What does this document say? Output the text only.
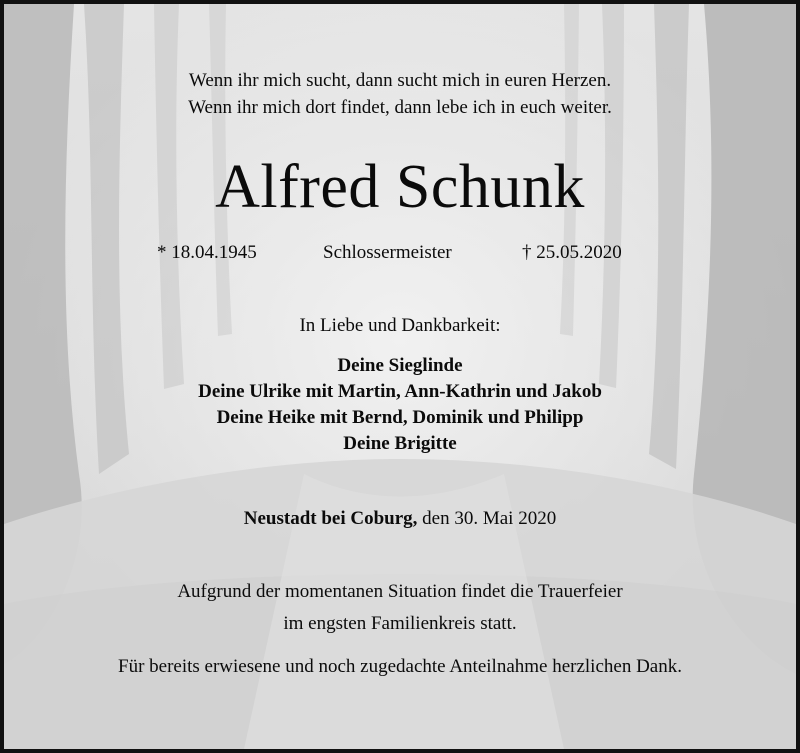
Wenn ihr mich sucht, dann sucht mich in euren Herzen.
Wenn ihr mich dort findet, dann lebe ich in euch weiter.
Alfred Schunk
* 18.04.1945	Schlossermeister	† 25.05.2020
In Liebe und Dankbarkeit:
Deine Sieglinde
Deine Ulrike mit Martin, Ann-Kathrin und Jakob
Deine Heike mit Bernd, Dominik und Philipp
Deine Brigitte
Neustadt bei Coburg, den 30. Mai 2020
Aufgrund der momentanen Situation findet die Trauerfeier
im engsten Familienkreis statt.
Für bereits erwiesene und noch zugedachte Anteilnahme herzlichen Dank.
